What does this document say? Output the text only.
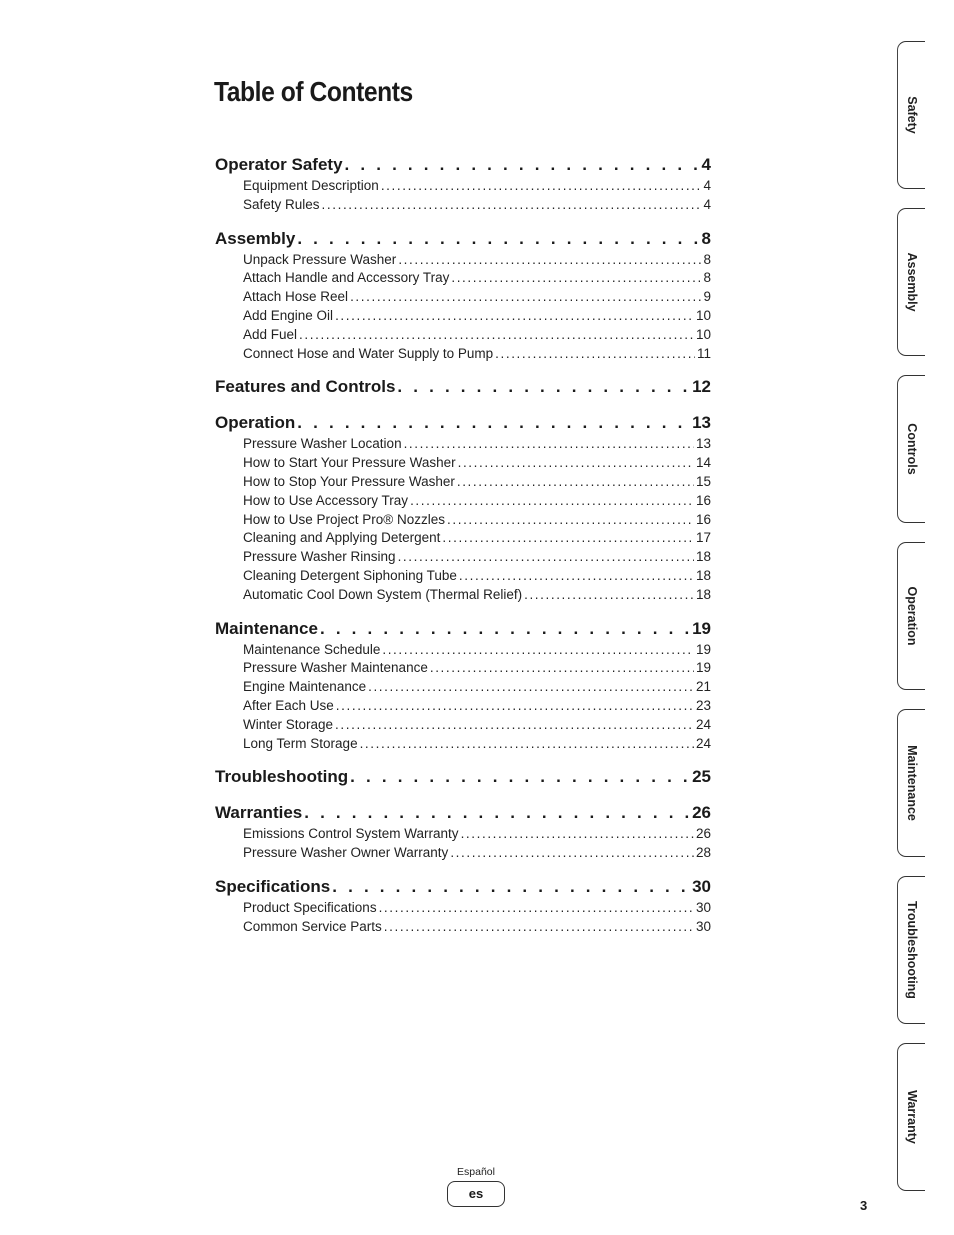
Table of Contents
Operator Safety . . .	4
Equipment Description .....	4
Safety Rules .....	4
Assembly . . .	8
Unpack Pressure Washer .....	8
Attach Handle and Accessory Tray .....	8
Attach Hose Reel .....	9
Add Engine Oil .....	10
Add Fuel .....	10
Connect Hose and Water Supply to Pump .....	11
Features and Controls . . .	12
Operation . . .	13
Pressure Washer Location .....	13
How to Start Your Pressure Washer .....	14
How to Stop Your Pressure Washer .....	15
How to Use Accessory Tray .....	16
How to Use Project Pro® Nozzles .....	16
Cleaning and Applying Detergent .....	17
Pressure Washer Rinsing .....	18
Cleaning Detergent Siphoning Tube .....	18
Automatic Cool Down System (Thermal Relief) .....	18
Maintenance . . .	19
Maintenance Schedule .....	19
Pressure Washer Maintenance .....	19
Engine Maintenance .....	21
After Each Use .....	23
Winter Storage .....	24
Long Term Storage .....	24
Troubleshooting . . .	25
Warranties . . .	26
Emissions Control System Warranty .....	26
Pressure Washer Owner Warranty .....	28
Specifications . . .	30
Product Specifications .....	30
Common Service Parts .....	30
Safety
Assembly
Controls
Operation
Maintenance
Troubleshooting
Warranty
Español
es
3
